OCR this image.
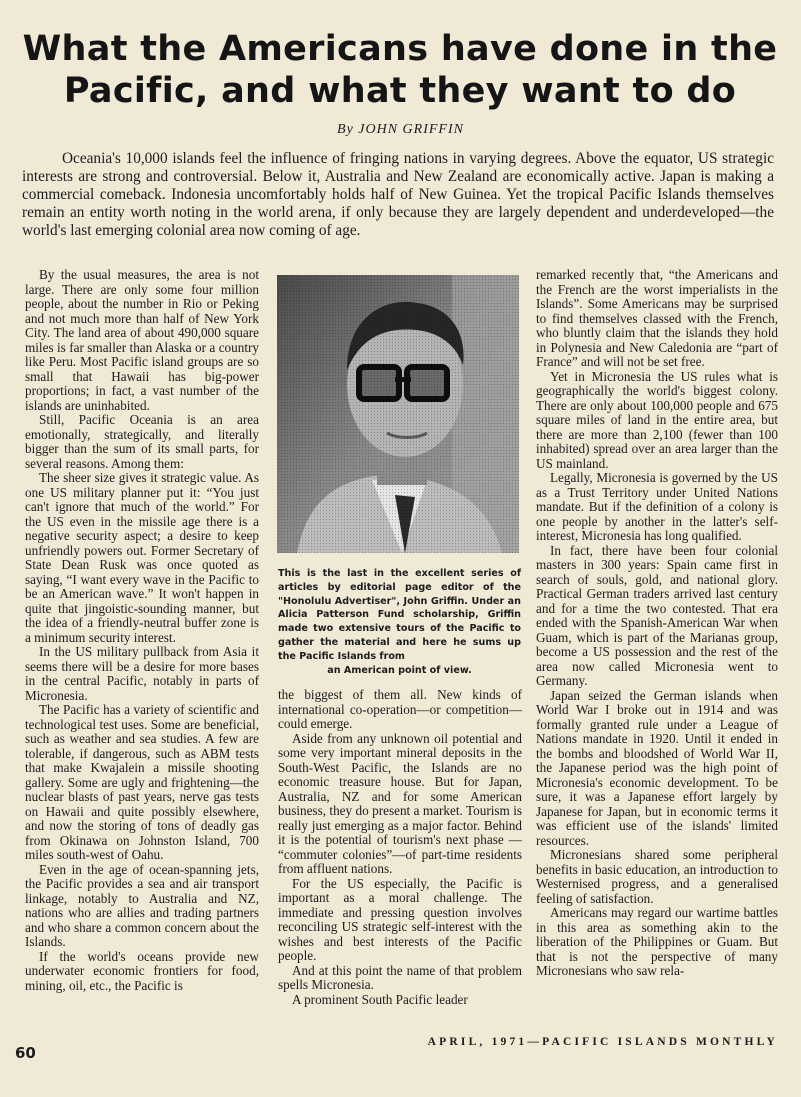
What the Americans have done in the Pacific, and what they want to do
By JOHN GRIFFIN

Oceania's 10,000 islands feel the influence of fringing nations in varying degrees. Above the equator, US strategic interests are strong and controversial. Below it, Australia and New Zealand are economically active. Japan is making a commercial comeback. Indonesia uncomfortably holds half of New Guinea. Yet the tropical Pacific Islands themselves remain an entity worth noting in the world arena, if only because they are largely dependent and underdeveloped—the world's last emerging colonial area now coming of age.

By the usual measures, the area is not large. There are only some four million people, about the number in Rio or Peking and not much more than half of New York City. The land area of about 490,000 square miles is far smaller than Alaska or a country like Peru. Most Pacific island groups are so small that Hawaii has big-power proportions; in fact, a vast number of the islands are uninhabited.

Still, Pacific Oceania is an area emotionally, strategically, and literally bigger than the sum of its small parts, for several reasons. Among them:

The sheer size gives it strategic value. As one US military planner put it: “You just can't ignore that much of the world.” For the US even in the missile age there is a negative security aspect; a desire to keep unfriendly powers out. Former Secretary of State Dean Rusk was once quoted as saying, “I want every wave in the Pacific to be an American wave.” It won't happen in quite that jingoistic-sounding manner, but the idea of a friendly-neutral buffer zone is a minimum security interest.

In the US military pullback from Asia it seems there will be a desire for more bases in the central Pacific, notably in parts of Micronesia.

The Pacific has a variety of scientific and technological test uses. Some are beneficial, such as weather and sea studies. A few are tolerable, if dangerous, such as ABM tests that make Kwajalein a missile shooting gallery. Some are ugly and frightening—the nuclear blasts of past years, nerve gas tests on Hawaii and quite possibly elsewhere, and now the storing of tons of deadly gas from Okinawa on Johnston Island, 700 miles south-west of Oahu.

Even in the age of ocean-spanning jets, the Pacific provides a sea and air transport linkage, notably to Australia and NZ, nations who are allies and trading partners and who share a common concern about the Islands.

If the world's oceans provide new underwater economic frontiers for food, mining, oil, etc., the Pacific is

This is the last in the excellent series of articles by editorial page editor of the "Honolulu Advertiser", John Griffin. Under an Alicia Patterson Fund scholarship, Griffin made two extensive tours of the Pacific to gather the material and here he sums up the Pacific Islands from
an American point of view.

the biggest of them all. New kinds of international co-operation—or competition—could emerge.

Aside from any unknown oil potential and some very important mineral deposits in the South-West Pacific, the Islands are no economic treasure house. But for Japan, Australia, NZ and for some American business, they do present a market. Tourism is really just emerging as a major factor. Behind it is the potential of tourism's next phase — “commuter colonies”—of part-time residents from affluent nations.

For the US especially, the Pacific is important as a moral challenge. The immediate and pressing question involves reconciling US strategic self-interest with the wishes and best interests of the Pacific people.

And at this point the name of that problem spells Micronesia.

A prominent South Pacific leader

remarked recently that, “the Americans and the French are the worst imperialists in the Islands”. Some Americans may be surprised to find themselves classed with the French, who bluntly claim that the islands they hold in Polynesia and New Caledonia are “part of France” and will not be set free.

Yet in Micronesia the US rules what is geographically the world's biggest colony. There are only about 100,000 people and 675 square miles of land in the entire area, but there are more than 2,100 (fewer than 100 inhabited) spread over an area larger than the US mainland.

Legally, Micronesia is governed by the US as a Trust Territory under United Nations mandate. But if the definition of a colony is one people by another in the latter's self-interest, Micronesia has long qualified.

In fact, there have been four colonial masters in 300 years: Spain came first in search of souls, gold, and national glory. Practical German traders arrived last century and for a time the two contested. That era ended with the Spanish-American War when Guam, which is part of the Marianas group, become a US possession and the rest of the area now called Micronesia went to Germany.

Japan seized the German islands when World War I broke out in 1914 and was formally granted rule under a League of Nations mandate in 1920. Until it ended in the bombs and bloodshed of World War II, the Japanese period was the high point of Micronesia's economic development. To be sure, it was a Japanese effort largely by Japanese for Japan, but in economic terms it was efficient use of the islands' limited resources.

Micronesians shared some peripheral benefits in basic education, an introduction to Westernised progress, and a generalised feeling of satisfaction.

Americans may regard our wartime battles in this area as something akin to the liberation of the Philippines or Guam. But that is not the perspective of many Micronesians who saw rela-

60
APRIL, 1971—PACIFIC ISLANDS MONTHLY
